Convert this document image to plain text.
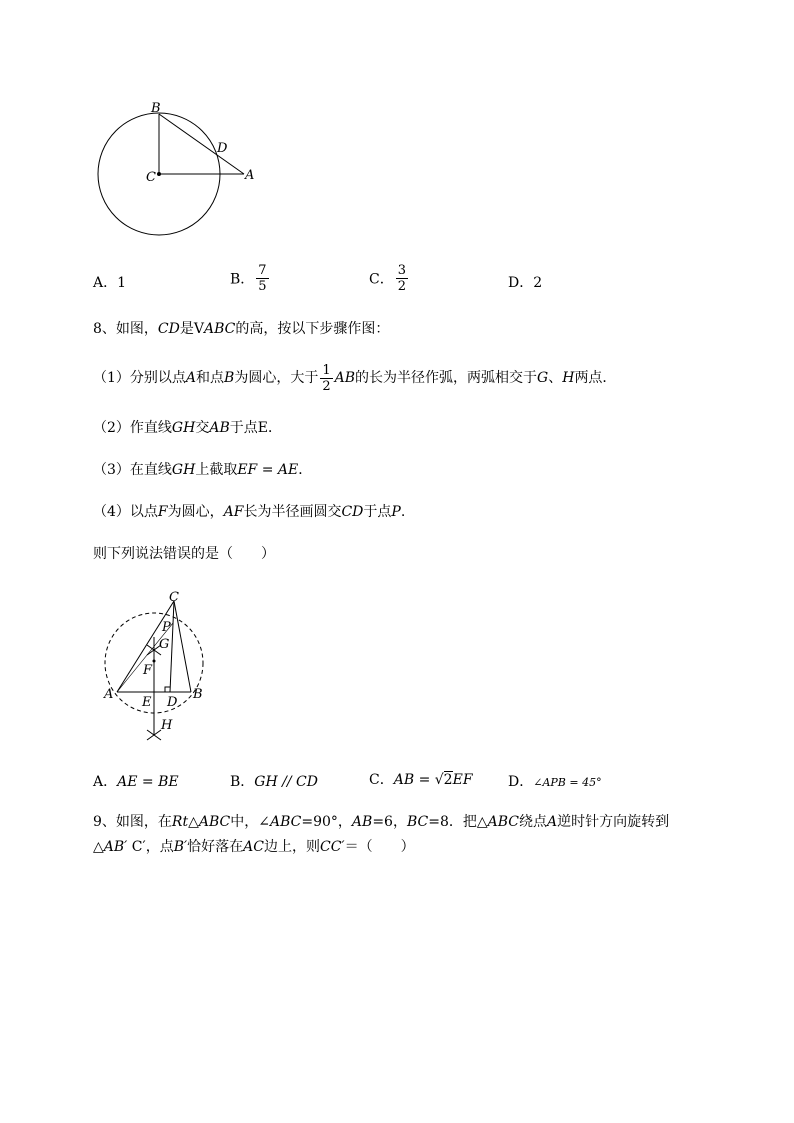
B
C
D
A
A．1	B． $\frac{7}{5}$	C． $\frac{3}{2}$	D．2
8、如图，CD是VABC的高，按以下步骤作图：
（1）分别以点A和点B为圆心，大于 $\frac{1}{2}$ AB的长为半径作弧，两弧相交于G、H两点．
（2）作直线GH交AB于点E．
（3）在直线GH上截取EF = AE．
（4）以点F为圆心，AF长为半径画圆交CD于点P.
则下列说法错误的是（　　）
C
P
G
F
A
E D
B
H
A．AE = BE	B．GH // CD	C．AB = √2EF	D．∠APB = 45°
9、如图，在Rt△ABC中，∠ABC=90°，AB=6，BC=8．把△ABC绕点A逆时针方向旋转到
△AB′ C′，点B′恰好落在AC边上，则CC′＝（　　）
